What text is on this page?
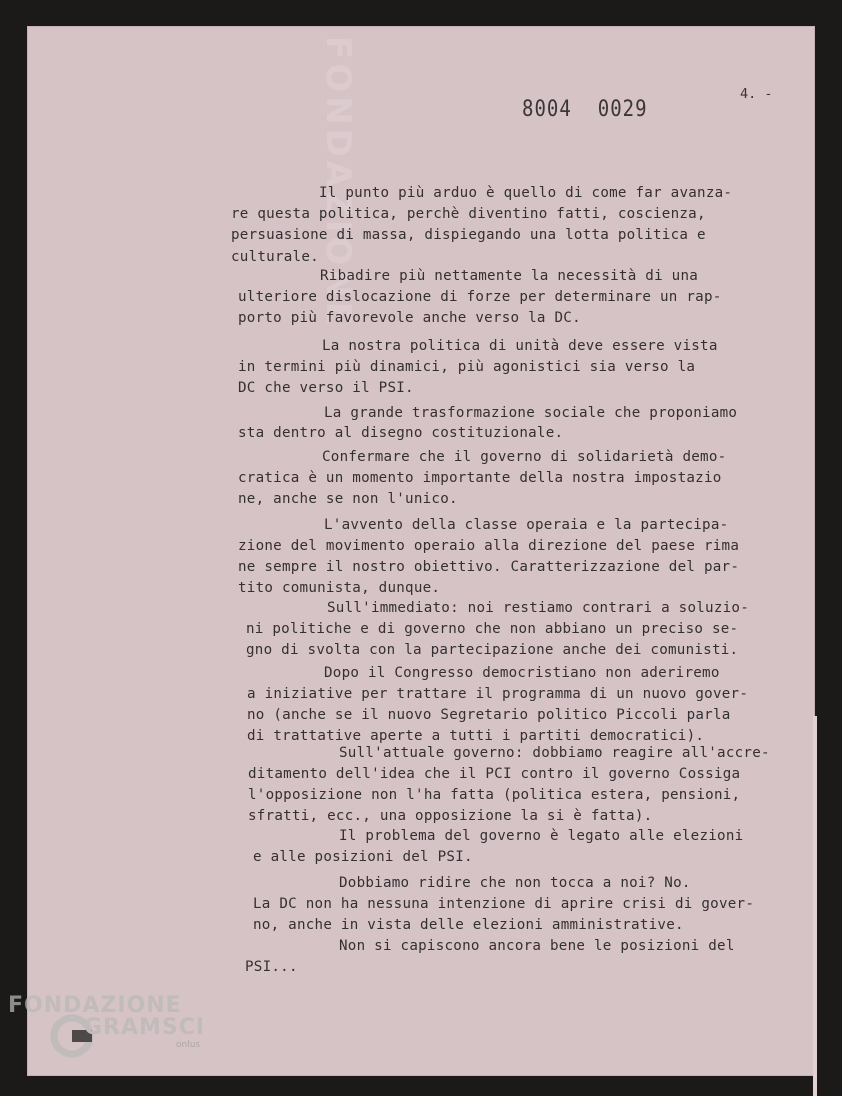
FONDAZIONE	8004 0029
4. -
Il punto più arduo è quello di come far avanza-
re questa politica, perchè diventino fatti, coscienza,
persuasione di massa, dispiegando una lotta politica e
culturale.
Ribadire più nettamente la necessità di una
ulteriore dislocazione di forze per determinare un rap-
porto più favorevole anche verso la DC.
La nostra politica di unità deve essere vista
in termini più dinamici, più agonistici sia verso la
DC che verso il PSI.
La grande trasformazione sociale che proponiamo
sta dentro al disegno costituzionale.
Confermare che il governo di solidarietà demo-
cratica è un momento importante della nostra impostazio
ne, anche se non l'unico.
L'avvento della classe operaia e la partecipa-
zione del movimento operaio alla direzione del paese rima
ne sempre il nostro obiettivo. Caratterizzazione del par-
tito comunista, dunque.
Sull'immediato: noi restiamo contrari a soluzio-
ni politiche e di governo che non abbiano un preciso se-
gno di svolta con la partecipazione anche dei comunisti.
Dopo il Congresso democristiano non aderiremo
a iniziative per trattare il programma di un nuovo gover-
no (anche se il nuovo Segretario politico Piccoli parla
di trattative aperte a tutti i partiti democratici).
Sull'attuale governo: dobbiamo reagire all'accre-
ditamento dell'idea che il PCI contro il governo Cossiga
l'opposizione non l'ha fatta (politica estera, pensioni,
sfratti, ecc., una opposizione la si è fatta).
Il problema del governo è legato alle elezioni
e alle posizioni del PSI.
Dobbiamo ridire che non tocca a noi? No.
La DC non ha nessuna intenzione di aprire crisi di gover-
no, anche in vista delle elezioni amministrative.
Non si capiscono ancora bene le posizioni del
PSI...
FONDAZIONE
GRAMSCI
onlus
